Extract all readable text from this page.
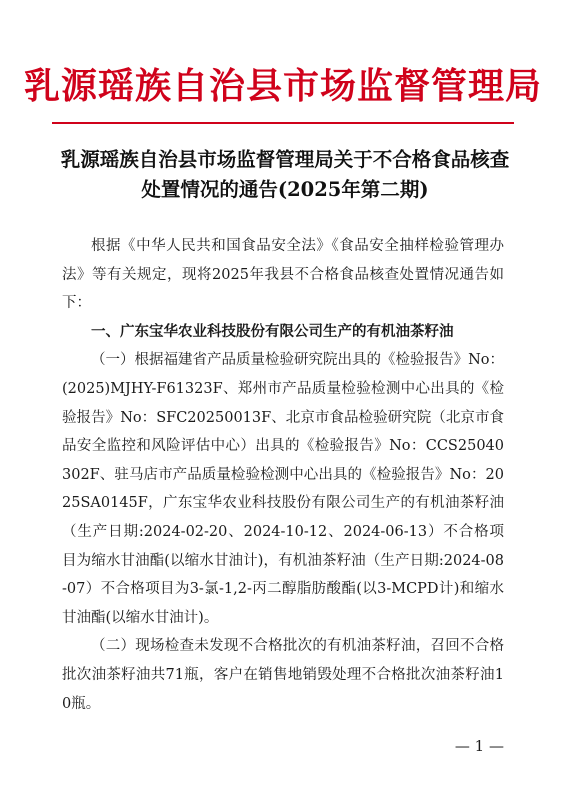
乳源瑶族自治县市场监督管理局
乳源瑶族自治县市场监督管理局关于不合格食品核查处置情况的通告(2025年第二期)

根据《中华人民共和国食品安全法》《食品安全抽样检验管理办法》等有关规定，现将2025年我县不合格食品核查处置情况通告如下：

一、广东宝华农业科技股份有限公司生产的有机油茶籽油

（一）根据福建省产品质量检验研究院出具的《检验报告》No：(2025)MJHY-F61323F、郑州市产品质量检验检测中心出具的《检验报告》No：SFC20250013F、北京市食品检验研究院（北京市食品安全监控和风险评估中心）出具的《检验报告》No：CCS25040302F、驻马店市产品质量检验检测中心出具的《检验报告》No：2025SA0145F，广东宝华农业科技股份有限公司生产的有机油茶籽油（生产日期:2024-02-20、2024-10-12、2024-06-13）不合格项目为缩水甘油酯(以缩水甘油计)，有机油茶籽油（生产日期:2024-08-07）不合格项目为3-氯-1,2-丙二醇脂肪酸酯(以3-MCPD计)和缩水甘油酯(以缩水甘油计)。

（二）现场检查未发现不合格批次的有机油茶籽油，召回不合格批次油茶籽油共71瓶，客户在销售地销毁处理不合格批次油茶籽油10瓶。

— 1 —
